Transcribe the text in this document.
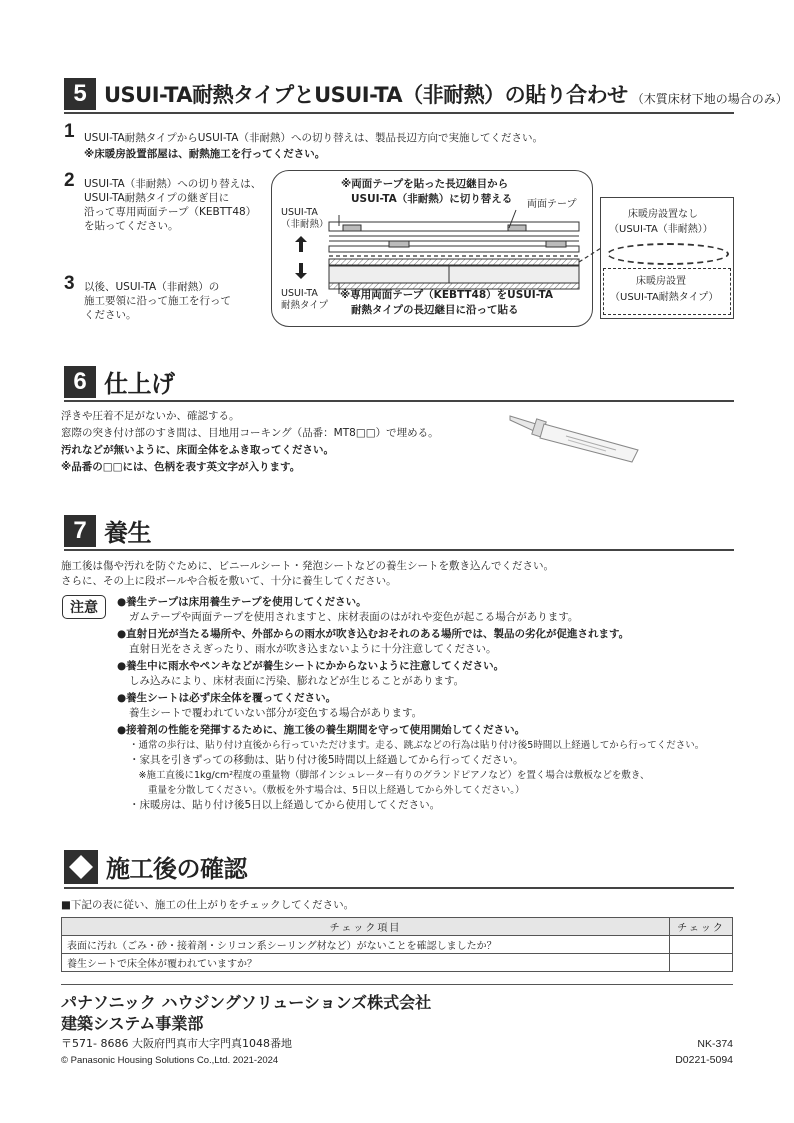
5 USUI-TA耐熱タイプとUSUI-TA（非耐熱）の貼り合わせ （木質床材下地の場合のみ）
1 USUI-TA耐熱タイプからUSUI-TA（非耐熱）への切り替えは、製品長辺方向で実施してください。
※床暖房設置部屋は、耐熱施工を行ってください。
2 USUI-TA（非耐熱）への切り替えは、
USUI-TA耐熱タイプの継ぎ目に
沿って専用両面テープ（KEBTT48）
を貼ってください。
3 以後、USUI-TA（非耐熱）の
施工要領に沿って施工を行って
ください。
※両面テープを貼った長辺継目から
USUI-TA（非耐熱）に切り替える 両面テープ
USUI-TA
（非耐熱）
USUI-TA
耐熱タイプ
※専用両面テープ（KEBTT48）をUSUI-TA
耐熱タイプの長辺継目に沿って貼る
床暖房設置なし
（USUI-TA（非耐熱））
床暖房設置
（USUI-TA耐熱タイプ）
6 仕上げ
浮きや圧着不足がないか、確認する。
窓際の突き付け部のすき間は、目地用コーキング（品番：MT8□□）で埋める。
汚れなどが無いように、床面全体をふき取ってください。
※品番の□□には、色柄を表す英文字が入ります。
7 養生
施工後は傷や汚れを防ぐために、ビニールシート・発泡シートなどの養生シートを敷き込んでください。
さらに、その上に段ボールや合板を敷いて、十分に養生してください。
注意	●養生テープは床用養生テープを使用してください。
ガムテープや両面テープを使用されますと、床材表面のはがれや変色が起こる場合があります。
●直射日光が当たる場所や、外部からの雨水が吹き込むおそれのある場所では、製品の劣化が促進されます。
直射日光をさえぎったり、雨水が吹き込まないように十分注意してください。
●養生中に雨水やペンキなどが養生シートにかからないように注意してください。
しみ込みにより、床材表面に汚染、膨れなどが生じることがあります。
●養生シートは必ず床全体を覆ってください。
養生シートで覆われていない部分が変色する場合があります。
●接着剤の性能を発揮するために、施工後の養生期間を守って使用開始してください。
・通常の歩行は、貼り付け直後から行っていただけます。走る、跳ぶなどの行為は貼り付け後5時間以上経過してから行ってください。
・家具を引きずっての移動は、貼り付け後5時間以上経過してから行ってください。
　※施工直後に1kg/cm²程度の重量物（脚部インシュレーター有りのグランドピアノなど）を置く場合は敷板などを敷き、
　　重量を分散してください。（敷板を外す場合は、5日以上経過してから外してください。）
・床暖房は、貼り付け後5日以上経過してから使用してください。
施工後の確認
■下記の表に従い、施工の仕上がりをチェックしてください。
チェック項目	チェック
表面に汚れ（ごみ・砂・接着剤・シリコン系シーリング材など）がないことを確認しましたか？	
養生シートで床全体が覆われていますか？	
パナソニック ハウジングソリューションズ株式会社
建築システム事業部
〒571- 8686 大阪府門真市大字門真1048番地
© Panasonic Housing Solutions Co.,Ltd. 2021-2024
NK-374
D0221-5094
